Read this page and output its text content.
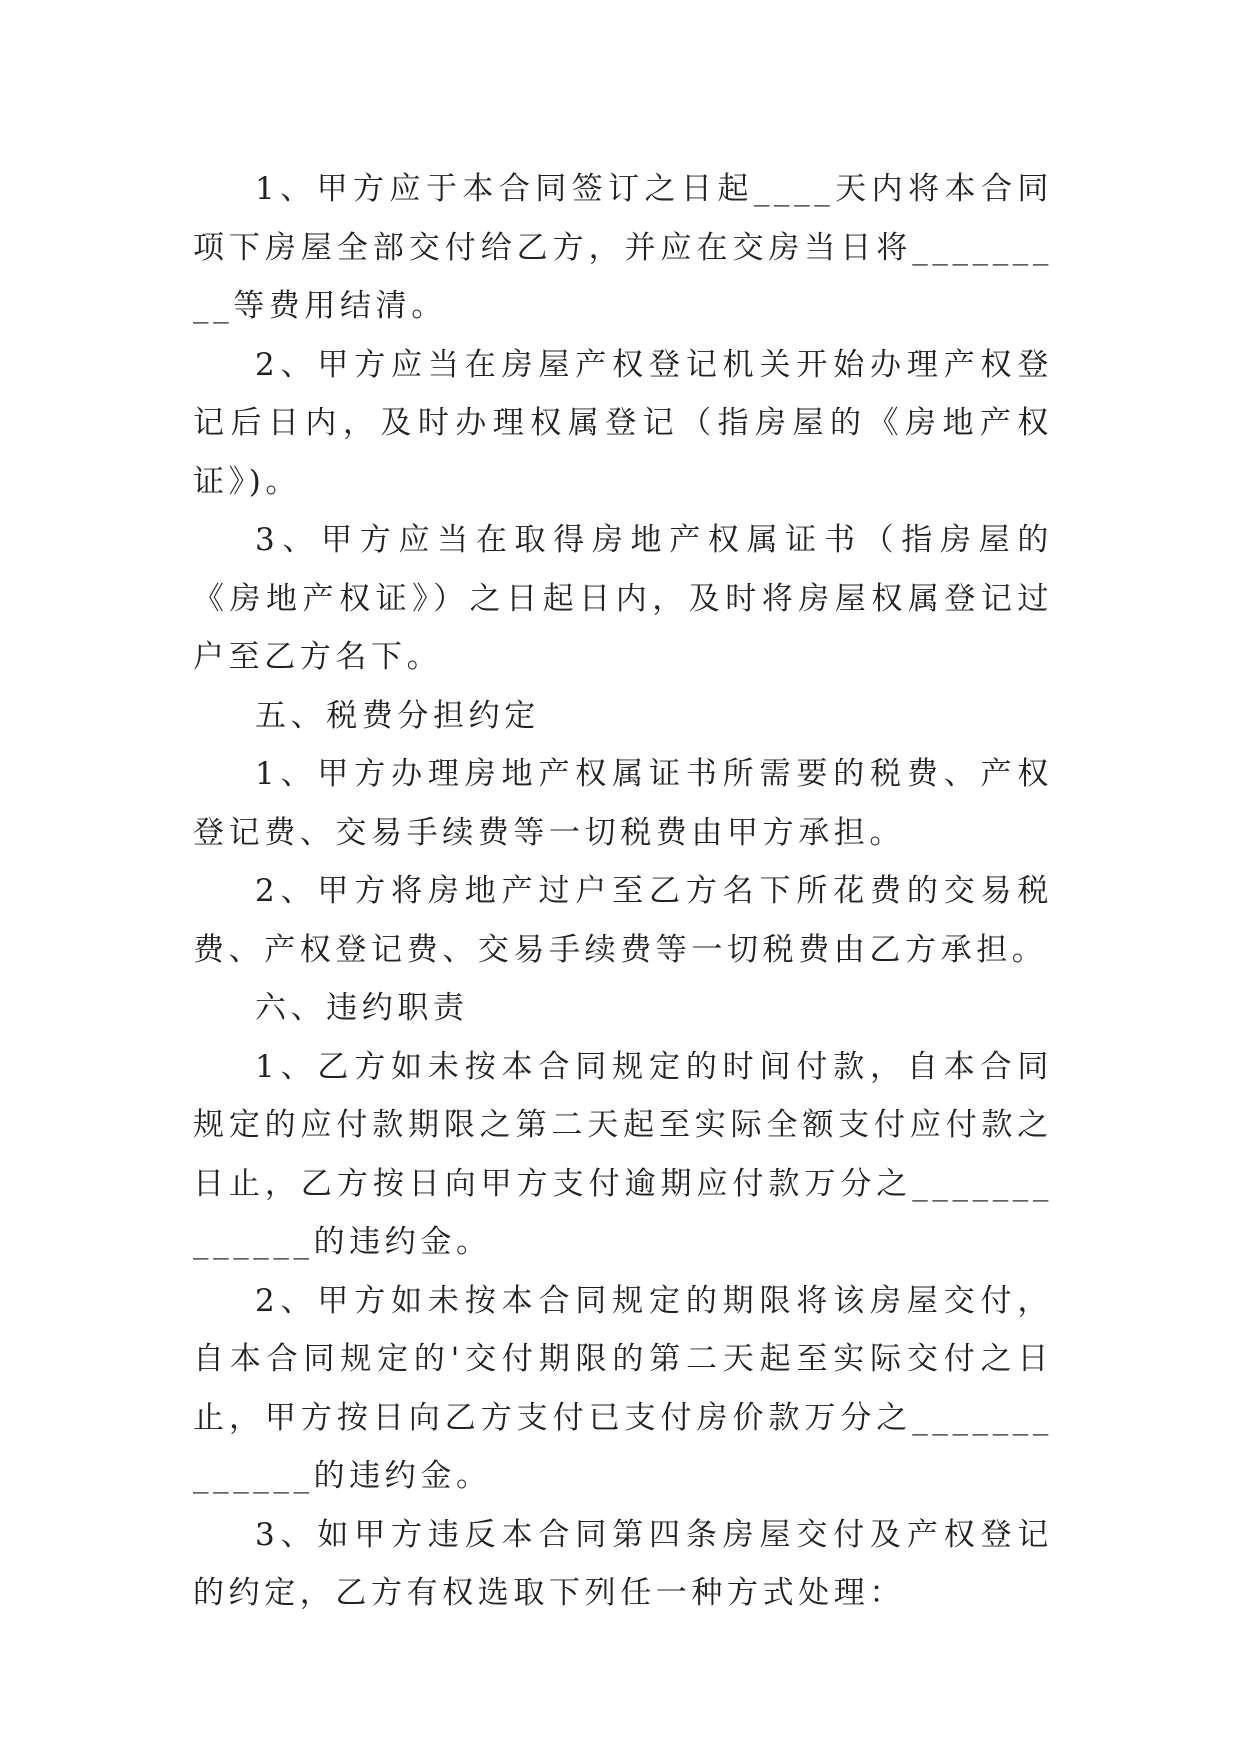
1、甲方应于本合同签订之日起____天内将本合同项下房屋全部交付给乙方，并应在交房当日将_________等费用结清。

2、甲方应当在房屋产权登记机关开始办理产权登记后日内，及时办理权属登记（指房屋的《房地产权证》)。

3、甲方应当在取得房地产权属证书（指房屋的《房地产权证》）之日起日内，及时将房屋权属登记过户至乙方名下。

五、税费分担约定

1、甲方办理房地产权属证书所需要的税费、产权登记费、交易手续费等一切税费由甲方承担。

2、甲方将房地产过户至乙方名下所花费的交易税费、产权登记费、交易手续费等一切税费由乙方承担。

六、违约职责

1、乙方如未按本合同规定的时间付款，自本合同规定的应付款期限之第二天起至实际全额支付应付款之日止，乙方按日向甲方支付逾期应付款万分之_____________的违约金。

2、甲方如未按本合同规定的期限将该房屋交付，自本合同规定的'交付期限的第二天起至实际交付之日止，甲方按日向乙方支付已支付房价款万分之_____________的违约金。

3、如甲方违反本合同第四条房屋交付及产权登记的约定，乙方有权选取下列任一种方式处理：
